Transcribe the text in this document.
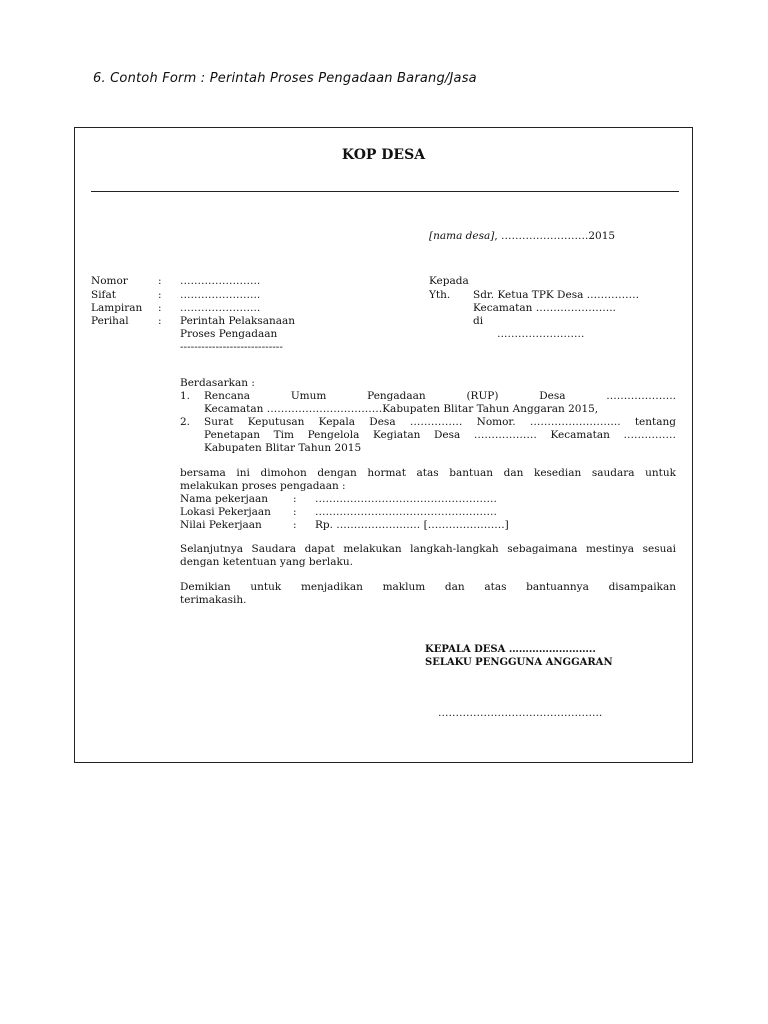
6. Contoh Form : Perintah Proses Pengadaan Barang/Jasa
KOP DESA
[nama desa], …………………….2015
Nomor	: …………………..
Sifat	: …………………..
Lampiran : …………………..
Perihal	: Perintah Pelaksanaan
Proses Pengadaan
-----------------------------
Kepada
Yth. Sdr. Ketua TPK Desa ……………
Kecamatan …………………..
di
…………………….
Berdasarkan :
1. Rencana	Umum	Pengadaan	(RUP)	Desa	………………..
Kecamatan ……………………………Kabupaten Blitar Tahun Anggaran 2015,
2. Surat Keputusan Kepala Desa …………… Nomor. …………………….. tentang
Penetapan Tim Pengelola Kegiatan Desa ……………… Kecamatan ……………
Kabupaten Blitar Tahun 2015
bersama ini dimohon dengan hormat atas bantuan dan kesedian saudara untuk
melakukan proses pengadaan :
Nama pekerjaan : …………………………………………….
Lokasi Pekerjaan : …………………………………………….
Nilai Pekerjaan	: Rp. …………………… [………………….]
Selanjutnya Saudara dapat melakukan langkah-langkah sebagaimana mestinya sesuai
dengan ketentuan yang berlaku.
Demikian untuk menjadikan maklum dan atas bantuannya disampaikan
terimakasih.
KEPALA DESA ……………………..
SELAKU PENGGUNA ANGGARAN
………………………………………..
